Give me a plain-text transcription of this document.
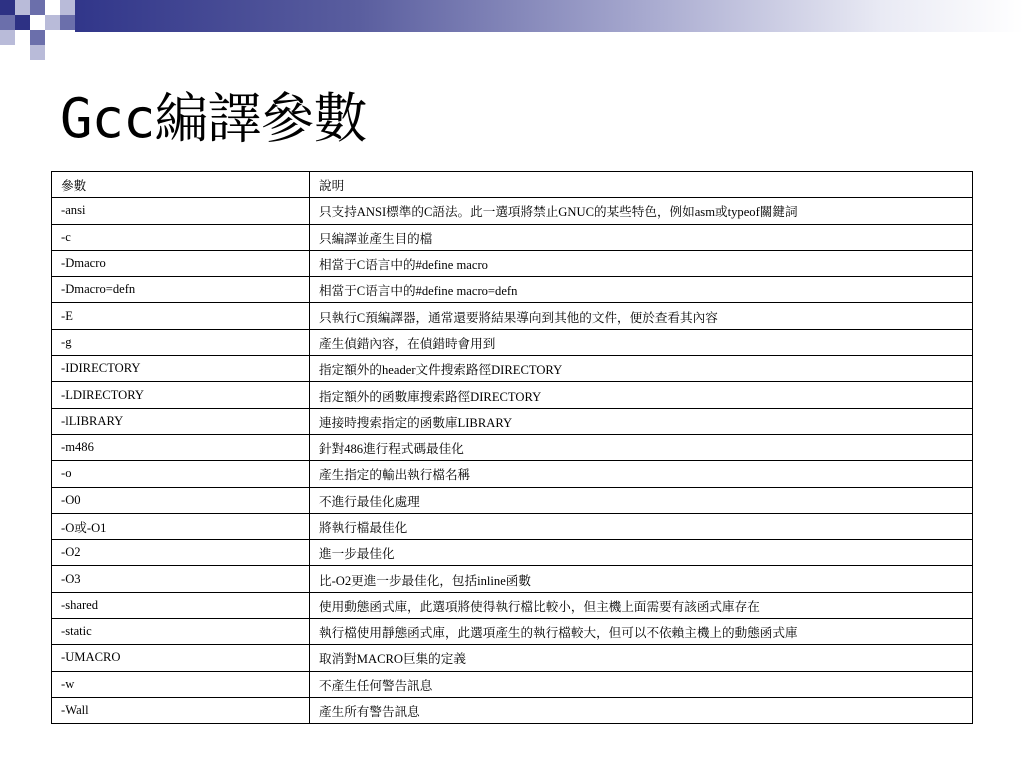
Gcc編譯參數
參數	說明
-ansi	只支持ANSI標準的C語法。此一選項將禁止GNUC的某些特色，例如asm或typeof關鍵詞
-c	只編譯並產生目的檔
-Dmacro	相當于C语言中的#define macro
-Dmacro=defn	相當于C语言中的#define macro=defn
-E	只執行C預編譯器，通常還要將結果導向到其他的文件，便於查看其內容
-g	產生偵錯內容，在偵錯時會用到
-IDIRECTORY	指定額外的header文件搜索路徑DIRECTORY
-LDIRECTORY	指定額外的函數庫搜索路徑DIRECTORY
-lLIBRARY	連接時搜索指定的函數庫LIBRARY
-m486	針對486進行程式碼最佳化
-o	產生指定的輸出執行檔名稱
-O0	不進行最佳化處理
-O或-O1	將執行檔最佳化
-O2	進一步最佳化
-O3	比-O2更進一步最佳化，包括inline函數
-shared	使用動態函式庫，此選項將使得執行檔比較小，但主機上面需要有該函式庫存在
-static	執行檔使用靜態函式庫，此選項產生的執行檔較大，但可以不依賴主機上的動態函式庫
-UMACRO	取消對MACRO巨集的定義
-w	不產生任何警告訊息
-Wall	產生所有警告訊息
